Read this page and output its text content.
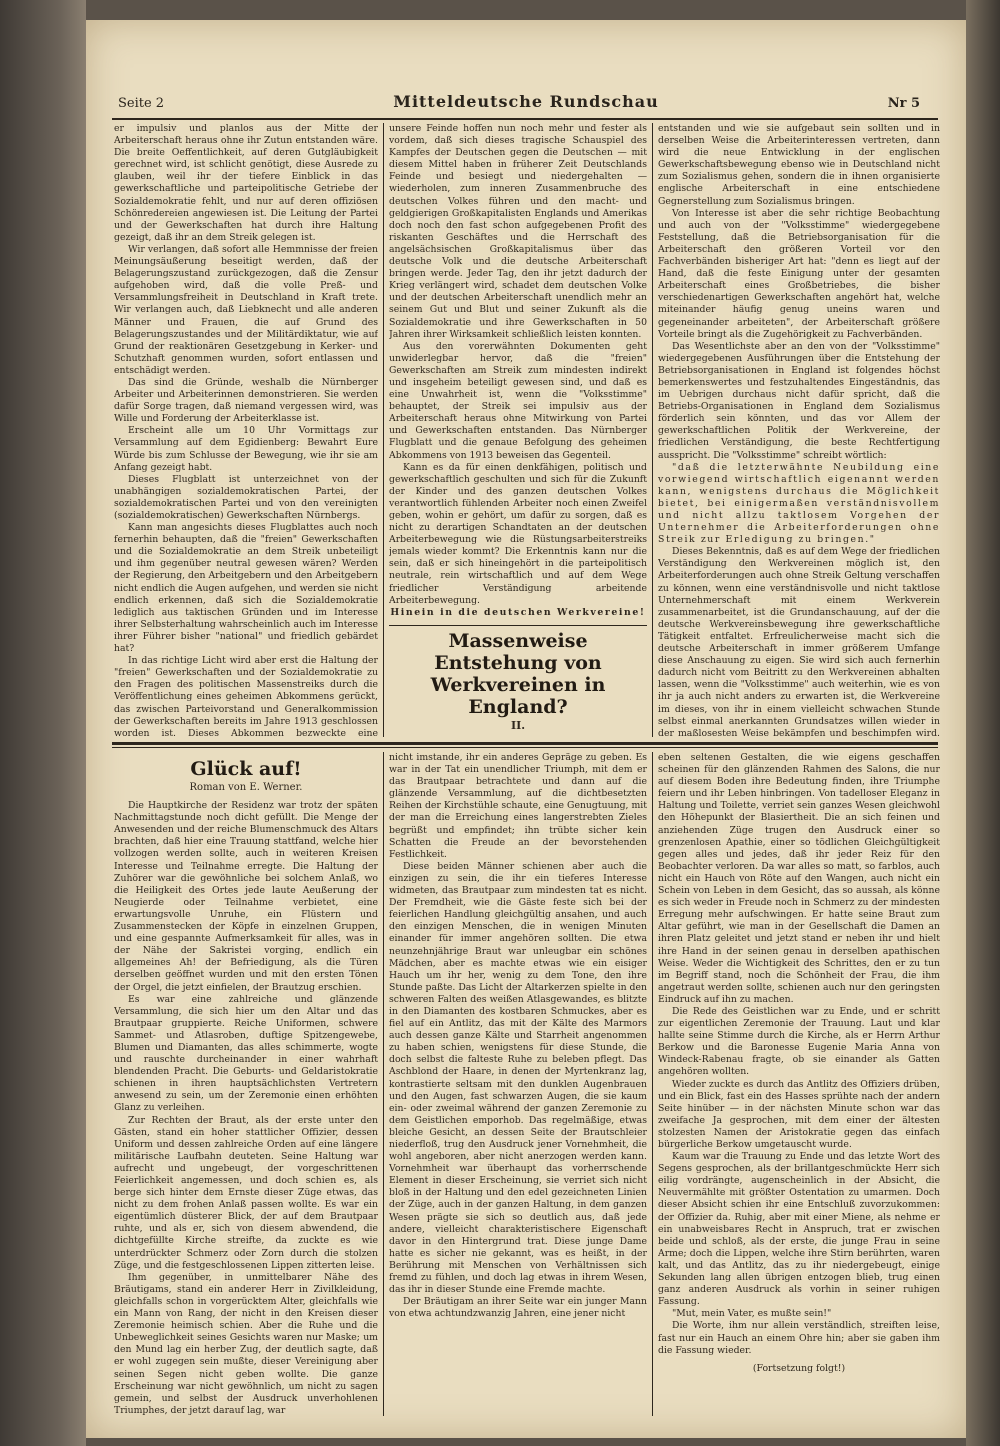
Seite 2	Mitteldeutsche Rundschau	Nr 5

er impulsiv und planlos aus der Mitte der Arbeiterschaft heraus ohne ihr Zutun entstanden wäre. Die breite Oeffentlichkeit, auf deren Gutgläubigkeit gerechnet wird, ist schlicht genötigt, diese Ausrede zu glauben, weil ihr der tiefere Einblick in das gewerkschaftliche und parteipolitische Getriebe der Sozialdemokratie fehlt, und nur auf deren offiziösen Schönredereien angewiesen ist. Die Leitung der Partei und der Gewerkschaften hat durch ihre Haltung gezeigt, daß ihr an dem Streik gelegen ist.

Wir verlangen, daß sofort alle Hemmnisse der freien Meinungsäußerung beseitigt werden, daß der Belagerungszustand zurückgezogen, daß die Zensur aufgehoben wird, daß die volle Preß- und Versammlungsfreiheit in Deutschland in Kraft trete. Wir verlangen auch, daß Liebknecht und alle anderen Männer und Frauen, die auf Grund des Belagerungszustandes und der Militärdiktatur, wie auf Grund der reaktionären Gesetzgebung in Kerker- und Schutzhaft genommen wurden, sofort entlassen und entschädigt werden.

Das sind die Gründe, weshalb die Nürnberger Arbeiter und Arbeiterinnen demonstrieren. Sie werden dafür Sorge tragen, daß niemand vergessen wird, was Wille und Forderung der Arbeiterklasse ist.

Erscheint alle um 10 Uhr Vormittags zur Versammlung auf dem Egidienberg: Bewahrt Eure Würde bis zum Schlusse der Bewegung, wie ihr sie am Anfang gezeigt habt.

Dieses Flugblatt ist unterzeichnet von der unabhängigen sozialdemokratischen Partei, der sozialdemokratischen Partei und von den vereinigten (sozialdemokratischen) Gewerkschaften Nürnbergs.

Kann man angesichts dieses Flugblattes auch noch fernerhin behaupten, daß die "freien" Gewerkschaften und die Sozialdemokratie an dem Streik unbeteiligt und ihm gegenüber neutral gewesen wären? Werden der Regierung, den Arbeitgebern und den Arbeitgebern nicht endlich die Augen aufgehen, und werden sie nicht endlich erkennen, daß sich die Sozialdemokratie lediglich aus taktischen Gründen und im Interesse ihrer Selbsterhaltung wahrscheinlich auch im Interesse ihrer Führer bisher "national" und friedlich gebärdet hat?

In das richtige Licht wird aber erst die Haltung der "freien" Gewerkschaften und der Sozialdemokratie zu den Fragen des politischen Massenstreiks durch die Veröffentlichung eines geheimen Abkommens gerückt, das zwischen Parteivorstand und Generalkommission der Gewerkschaften bereits im Jahre 1913 geschlossen worden ist. Dieses Abkommen bezweckte eine

unsere Feinde hoffen nun noch mehr und fester als vordem, daß sich dieses tragische Schauspiel des Kampfes der Deutschen gegen die Deutschen — mit diesem Mittel haben in früherer Zeit Deutschlands Feinde und besiegt und niedergehalten — wiederholen, zum inneren Zusammenbruche des deutschen Volkes führen und den macht- und geldgierigen Großkapitalisten Englands und Amerikas doch noch den fast schon aufgegebenen Profit des riskanten Geschäftes und die Herrschaft des angelsächsischen Großkapitalismus über das deutsche Volk und die deutsche Arbeiterschaft bringen werde. Jeder Tag, den ihr jetzt dadurch der Krieg verlängert wird, schadet dem deutschen Volke und der deutschen Arbeiterschaft unendlich mehr an seinem Gut und Blut und seiner Zukunft als die Sozialdemokratie und ihre Gewerkschaften in 50 Jahren ihrer Wirksamkeit schließlich leisten konnten.

Aus den vorerwähnten Dokumenten geht unwiderlegbar hervor, daß die "freien" Gewerkschaften am Streik zum mindesten indirekt und insgeheim beteiligt gewesen sind, und daß es eine Unwahrheit ist, wenn die "Volksstimme" behauptet, der Streik sei impulsiv aus der Arbeiterschaft heraus ohne Mitwirkung von Partei und Gewerkschaften entstanden. Das Nürnberger Flugblatt und die genaue Befolgung des geheimen Abkommens von 1913 beweisen das Gegenteil.

Kann es da für einen denkfähigen, politisch und gewerkschaftlich geschulten und sich für die Zukunft der Kinder und des ganzen deutschen Volkes verantwortlich fühlenden Arbeiter noch einen Zweifel geben, wohin er gehört, um dafür zu sorgen, daß es nicht zu derartigen Schandtaten an der deutschen Arbeiterbewegung wie die Rüstungsarbeiterstreiks jemals wieder kommt? Die Erkenntnis kann nur die sein, daß er sich hineingehört in die parteipolitisch neutrale, rein wirtschaftlich und auf dem Wege friedlicher Verständigung arbeitende Arbeiterbewegung.

Hinein in die deutschen Werkvereine!

Massenweise Entstehung von Werkvereinen in England?
II.

entstanden und wie sie aufgebaut sein sollten und in derselben Weise die Arbeiterinteressen vertreten, dann wird die neue Entwicklung in der englischen Gewerkschaftsbewegung ebenso wie in Deutschland nicht zum Sozialismus gehen, sondern die in ihnen organisierte englische Arbeiterschaft in eine entschiedene Gegnerstellung zum Sozialismus bringen.

Von Interesse ist aber die sehr richtige Beobachtung und auch von der "Volksstimme" wiedergegebene Feststellung, daß die Betriebsorganisation für die Arbeiterschaft den größeren Vorteil vor den Fachverbänden bisheriger Art hat: "denn es liegt auf der Hand, daß die feste Einigung unter der gesamten Arbeiterschaft eines Großbetriebes, die bisher verschiedenartigen Gewerkschaften angehört hat, welche miteinander häufig genug uneins waren und gegeneinander arbeiteten", der Arbeiterschaft größere Vorteile bringt als die Zugehörigkeit zu Fachverbänden.

Das Wesentlichste aber an den von der "Volksstimme" wiedergegebenen Ausführungen über die Entstehung der Betriebsorganisationen in England ist folgendes höchst bemerkenswertes und festzuhaltendes Eingeständnis, das im Uebrigen durchaus nicht dafür spricht, daß die Betriebs-Organisationen in England dem Sozialismus förderlich sein könnten, und das vor Allem der gewerkschaftlichen Politik der Werkvereine, der friedlichen Verständigung, die beste Rechtfertigung ausspricht. Die "Volksstimme" schreibt wörtlich:

"daß die letzterwähnte Neubildung eine vorwiegend wirtschaftlich eigenannt werden kann, wenigstens durchaus die Möglichkeit bietet, bei einigermaßen verständnisvollem und nicht allzu taktlosem Vorgehen der Unternehmer die Arbeiterforderungen ohne Streik zur Erledigung zu bringen."

Dieses Bekenntnis, daß es auf dem Wege der friedlichen Verständigung den Werkvereinen möglich ist, den Arbeiterforderungen auch ohne Streik Geltung verschaffen zu können, wenn eine verständnisvolle und nicht taktlose Unternehmerschaft mit einem Werkverein zusammenarbeitet, ist die Grundanschauung, auf der die deutsche Werkvereinsbewegung ihre gewerkschaftliche Tätigkeit entfaltet. Erfreulicherweise macht sich die deutsche Arbeiterschaft in immer größerem Umfange diese Anschauung zu eigen. Sie wird sich auch fernerhin dadurch nicht vom Beitritt zu den Werkvereinen abhalten lassen, wenn die "Volksstimme" auch weiterhin, wie es von ihr ja auch nicht anders zu erwarten ist, die Werkvereine im dieses, von ihr in einem vielleicht schwachen Stunde selbst einmal anerkannten Grundsatzes willen wieder in der maßlosesten Weise bekämpfen und beschimpfen wird.

Glück auf!
Roman von E. Werner.

Die Hauptkirche der Residenz war trotz der späten Nachmittagstunde noch dicht gefüllt. Die Menge der Anwesenden und der reiche Blumenschmuck des Altars brachten, daß hier eine Trauung stattfand, welche hier vollzogen werden sollte, auch in weiteren Kreisen Interesse und Teilnahme erregte. Die Haltung der Zuhörer war die gewöhnliche bei solchem Anlaß, wo die Heiligkeit des Ortes jede laute Aeußerung der Neugierde oder Teilnahme verbietet, eine erwartungsvolle Unruhe, ein Flüstern und Zusammenstecken der Köpfe in einzelnen Gruppen, und eine gespannte Aufmerksamkeit für alles, was in der Nähe der Sakristei vorging, endlich ein allgemeines Ah! der Befriedigung, als die Türen derselben geöffnet wurden und mit den ersten Tönen der Orgel, die jetzt einfielen, der Brautzug erschien.

Es war eine zahlreiche und glänzende Versammlung, die sich hier um den Altar und das Brautpaar gruppierte. Reiche Uniformen, schwere Sammet- und Atlasroben, duftige Spitzengewebe, Blumen und Diamanten, das alles schimmerte, wogte und rauschte durcheinander in einer wahrhaft blendenden Pracht. Die Geburts- und Geldaristokratie schienen in ihren hauptsächlichsten Vertretern anwesend zu sein, um der Zeremonie einen erhöhten Glanz zu verleihen.

Zur Rechten der Braut, als der erste unter den Gästen, stand ein hoher stattlicher Offizier, dessen Uniform und dessen zahlreiche Orden auf eine längere militärische Laufbahn deuteten. Seine Haltung war aufrecht und ungebeugt, der vorgeschrittenen Feierlichkeit angemessen, und doch schien es, als berge sich hinter dem Ernste dieser Züge etwas, das nicht zu dem frohen Anlaß passen wollte. Es war ein eigentümlich düsterer Blick, der auf dem Brautpaar ruhte, und als er, sich von diesem abwendend, die dichtgefüllte Kirche streifte, da zuckte es wie unterdrückter Schmerz oder Zorn durch die stolzen Züge, und die festgeschlossenen Lippen zitterten leise.

Ihm gegenüber, in unmittelbarer Nähe des Bräutigams, stand ein anderer Herr in Zivilkleidung, gleichfalls schon in vorgerücktem Alter, gleichfalls wie ein Mann von Rang, der nicht in den Kreisen dieser Zeremonie heimisch schien. Aber die Ruhe und die Unbeweglichkeit seines Gesichts waren nur Maske; um den Mund lag ein herber Zug, der deutlich sagte, daß er wohl zugegen sein mußte, dieser Vereinigung aber seinen Segen nicht geben wollte. Die ganze Erscheinung war nicht gewöhnlich, um nicht zu sagen gemein, und selbst der Ausdruck unverhohlenen Triumphes, der jetzt darauf lag, war

nicht imstande, ihr ein anderes Gepräge zu geben. Es war in der Tat ein unendlicher Triumph, mit dem er das Brautpaar betrachtete und dann auf die glänzende Versammlung, auf die dichtbesetzten Reihen der Kirchstühle schaute, eine Genugtuung, mit der man die Erreichung eines langerstrebten Zieles begrüßt und empfindet; ihn trübte sicher kein Schatten die Freude an der bevorstehenden Festlichkeit.

Diese beiden Männer schienen aber auch die einzigen zu sein, die ihr ein tieferes Interesse widmeten, das Brautpaar zum mindesten tat es nicht. Der Fremdheit, wie die Gäste feste sich bei der feierlichen Handlung gleichgültig ansahen, und auch den einzigen Menschen, die in wenigen Minuten einander für immer angehören sollten. Die etwa neunzehnjährige Braut war unleugbar ein schönes Mädchen, aber es machte etwas wie ein eisiger Hauch um ihr her, wenig zu dem Tone, den ihre Stunde paßte. Das Licht der Altarkerzen spielte in den schweren Falten des weißen Atlasgewandes, es blitzte in den Diamanten des kostbaren Schmuckes, aber es fiel auf ein Antlitz, das mit der Kälte des Marmors auch dessen ganze Kälte und Starrheit angenommen zu haben schien, wenigstens für diese Stunde, die doch selbst die falteste Ruhe zu beleben pflegt. Das Aschblond der Haare, in denen der Myrtenkranz lag, kontrastierte seltsam mit den dunklen Augenbrauen und den Augen, fast schwarzen Augen, die sie kaum ein- oder zweimal während der ganzen Zeremonie zu dem Geistlichen emporhob. Das regelmäßige, etwas bleiche Gesicht, an dessen Seite der Brautschleier niederfloß, trug den Ausdruck jener Vornehmheit, die wohl angeboren, aber nicht anerzogen werden kann. Vornehmheit war überhaupt das vorherrschende Element in dieser Erscheinung, sie verriet sich nicht bloß in der Haltung und den edel gezeichneten Linien der Züge, auch in der ganzen Haltung, in dem ganzen Wesen prägte sie sich so deutlich aus, daß jede andere, vielleicht charakteristischere Eigenschaft davor in den Hintergrund trat. Diese junge Dame hatte es sicher nie gekannt, was es heißt, in der Berührung mit Menschen von Verhältnissen sich fremd zu fühlen, und doch lag etwas in ihrem Wesen, das ihr in dieser Stunde eine Fremde machte.

Der Bräutigam an ihrer Seite war ein junger Mann von etwa achtundzwanzig Jahren, eine jener nicht

eben seltenen Gestalten, die wie eigens geschaffen scheinen für den glänzenden Rahmen des Salons, die nur auf diesem Boden ihre Bedeutung finden, ihre Triumphe feiern und ihr Leben hinbringen. Von tadelloser Eleganz in Haltung und Toilette, verriet sein ganzes Wesen gleichwohl den Höhepunkt der Blasiertheit. Die an sich feinen und anziehenden Züge trugen den Ausdruck einer so grenzenlosen Apathie, einer so tödlichen Gleichgültigkeit gegen alles und jedes, daß ihr jeder Reiz für den Beobachter verloren. Da war alles so matt, so farblos, auch nicht ein Hauch von Röte auf den Wangen, auch nicht ein Schein von Leben in dem Gesicht, das so aussah, als könne es sich weder in Freude noch in Schmerz zu der mindesten Erregung mehr aufschwingen. Er hatte seine Braut zum Altar geführt, wie man in der Gesellschaft die Damen an ihren Platz geleitet und jetzt stand er neben ihr und hielt ihre Hand in der seinen genau in derselben apathischen Weise. Weder die Wichtigkeit des Schrittes, den er zu tun im Begriff stand, noch die Schönheit der Frau, die ihm angetraut werden sollte, schienen auch nur den geringsten Eindruck auf ihn zu machen.

Die Rede des Geistlichen war zu Ende, und er schritt zur eigentlichen Zeremonie der Trauung. Laut und klar hallte seine Stimme durch die Kirche, als er Herrn Arthur Berkow und die Baronesse Eugenie Maria Anna von Windeck-Rabenau fragte, ob sie einander als Gatten angehören wollten.

Wieder zuckte es durch das Antlitz des Offiziers drüben, und ein Blick, fast ein des Hasses sprühte nach der andern Seite hinüber — in der nächsten Minute schon war das zweifache Ja gesprochen, mit dem einer der ältesten stolzesten Namen der Aristokratie gegen das einfach bürgerliche Berkow umgetauscht wurde.

Kaum war die Trauung zu Ende und das letzte Wort des Segens gesprochen, als der brillantgeschmückte Herr sich eilig vordrängte, augenscheinlich in der Absicht, die Neuvermählte mit größter Ostentation zu umarmen. Doch dieser Absicht schien ihr eine Entschluß zuvorzukommen: der Offizier da. Ruhig, aber mit einer Miene, als nehme er ein unabweisbares Recht in Anspruch, trat er zwischen beide und schloß, als der erste, die junge Frau in seine Arme; doch die Lippen, welche ihre Stirn berührten, waren kalt, und das Antlitz, das zu ihr niedergebeugt, einige Sekunden lang allen übrigen entzogen blieb, trug einen ganz anderen Ausdruck als vorhin in seiner ruhigen Fassung.

"Mut, mein Vater, es mußte sein!"

Die Worte, ihm nur allein verständlich, streiften leise, fast nur ein Hauch an einem Ohre hin; aber sie gaben ihm die Fassung wieder.

(Fortsetzung folgt!)
